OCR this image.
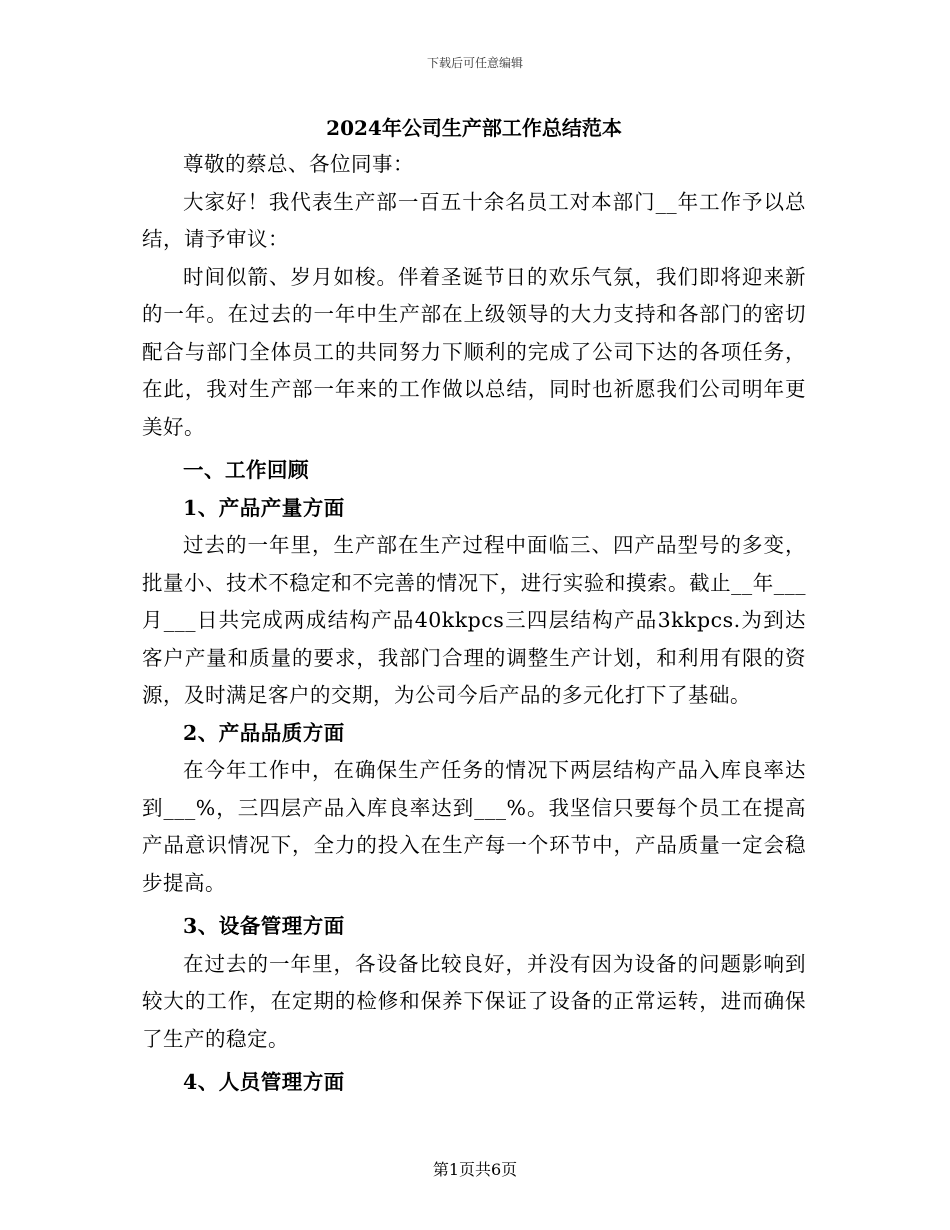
下载后可任意编辑
2024年公司生产部工作总结范本

尊敬的蔡总、各位同事：

大家好！我代表生产部一百五十余名员工对本部门__年工作予以总结，请予审议：

时间似箭、岁月如梭。伴着圣诞节日的欢乐气氛，我们即将迎来新的一年。在过去的一年中生产部在上级领导的大力支持和各部门的密切配合与部门全体员工的共同努力下顺利的完成了公司下达的各项任务，在此，我对生产部一年来的工作做以总结，同时也祈愿我们公司明年更美好。

一、工作回顾

1、产品产量方面

过去的一年里，生产部在生产过程中面临三、四产品型号的多变，批量小、技术不稳定和不完善的情况下，进行实验和摸索。截止__年___月___日共完成两成结构产品40kkpcs三四层结构产品3kkpcs.为到达客户产量和质量的要求，我部门合理的调整生产计划，和利用有限的资源，及时满足客户的交期，为公司今后产品的多元化打下了基础。

2、产品品质方面

在今年工作中，在确保生产任务的情况下两层结构产品入库良率达到___%，三四层产品入库良率达到___%。我坚信只要每个员工在提高产品意识情况下，全力的投入在生产每一个环节中，产品质量一定会稳步提高。

3、设备管理方面

在过去的一年里，各设备比较良好，并没有因为设备的问题影响到较大的工作，在定期的检修和保养下保证了设备的正常运转，进而确保了生产的稳定。

4、人员管理方面

第1页共6页
